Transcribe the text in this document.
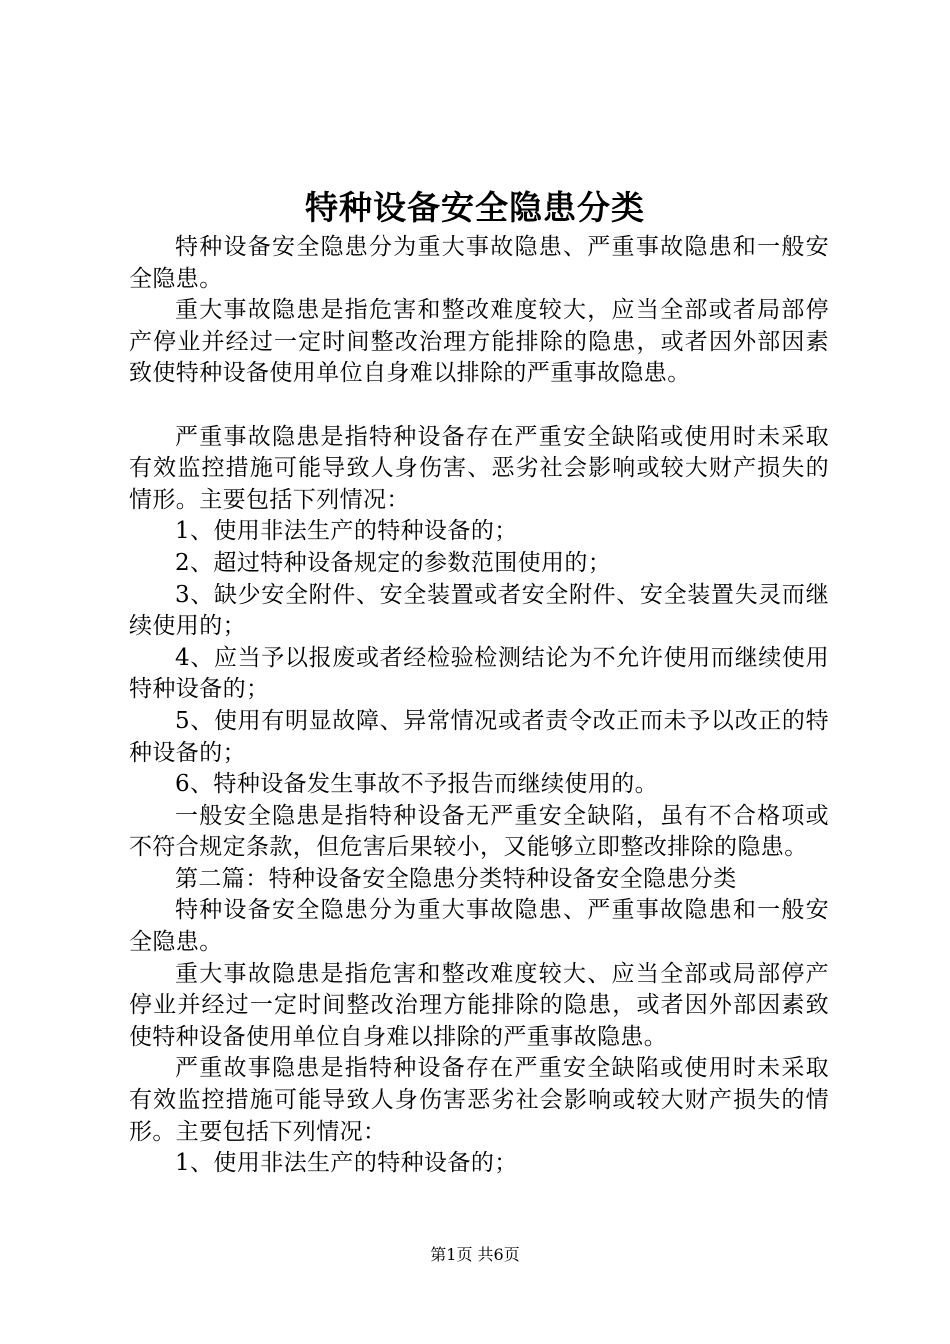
特种设备安全隐患分类

特种设备安全隐患分为重大事故隐患、严重事故隐患和一般安全隐患。

重大事故隐患是指危害和整改难度较大，应当全部或者局部停产停业并经过一定时间整改治理方能排除的隐患，或者因外部因素致使特种设备使用单位自身难以排除的严重事故隐患。

严重事故隐患是指特种设备存在严重安全缺陷或使用时未采取有效监控措施可能导致人身伤害、恶劣社会影响或较大财产损失的情形。主要包括下列情况：

1、使用非法生产的特种设备的；

2、超过特种设备规定的参数范围使用的；

3、缺少安全附件、安全装置或者安全附件、安全装置失灵而继续使用的；

4、应当予以报废或者经检验检测结论为不允许使用而继续使用特种设备的；

5、使用有明显故障、异常情况或者责令改正而未予以改正的特种设备的；

6、特种设备发生事故不予报告而继续使用的。

一般安全隐患是指特种设备无严重安全缺陷，虽有不合格项或不符合规定条款，但危害后果较小，又能够立即整改排除的隐患。

第二篇：特种设备安全隐患分类特种设备安全隐患分类

特种设备安全隐患分为重大事故隐患、严重事故隐患和一般安全隐患。

重大事故隐患是指危害和整改难度较大、应当全部或局部停产停业并经过一定时间整改治理方能排除的隐患，或者因外部因素致使特种设备使用单位自身难以排除的严重事故隐患。

严重故事隐患是指特种设备存在严重安全缺陷或使用时未采取有效监控措施可能导致人身伤害恶劣社会影响或较大财产损失的情形。主要包括下列情况：

1、使用非法生产的特种设备的；

第1页 共6页
